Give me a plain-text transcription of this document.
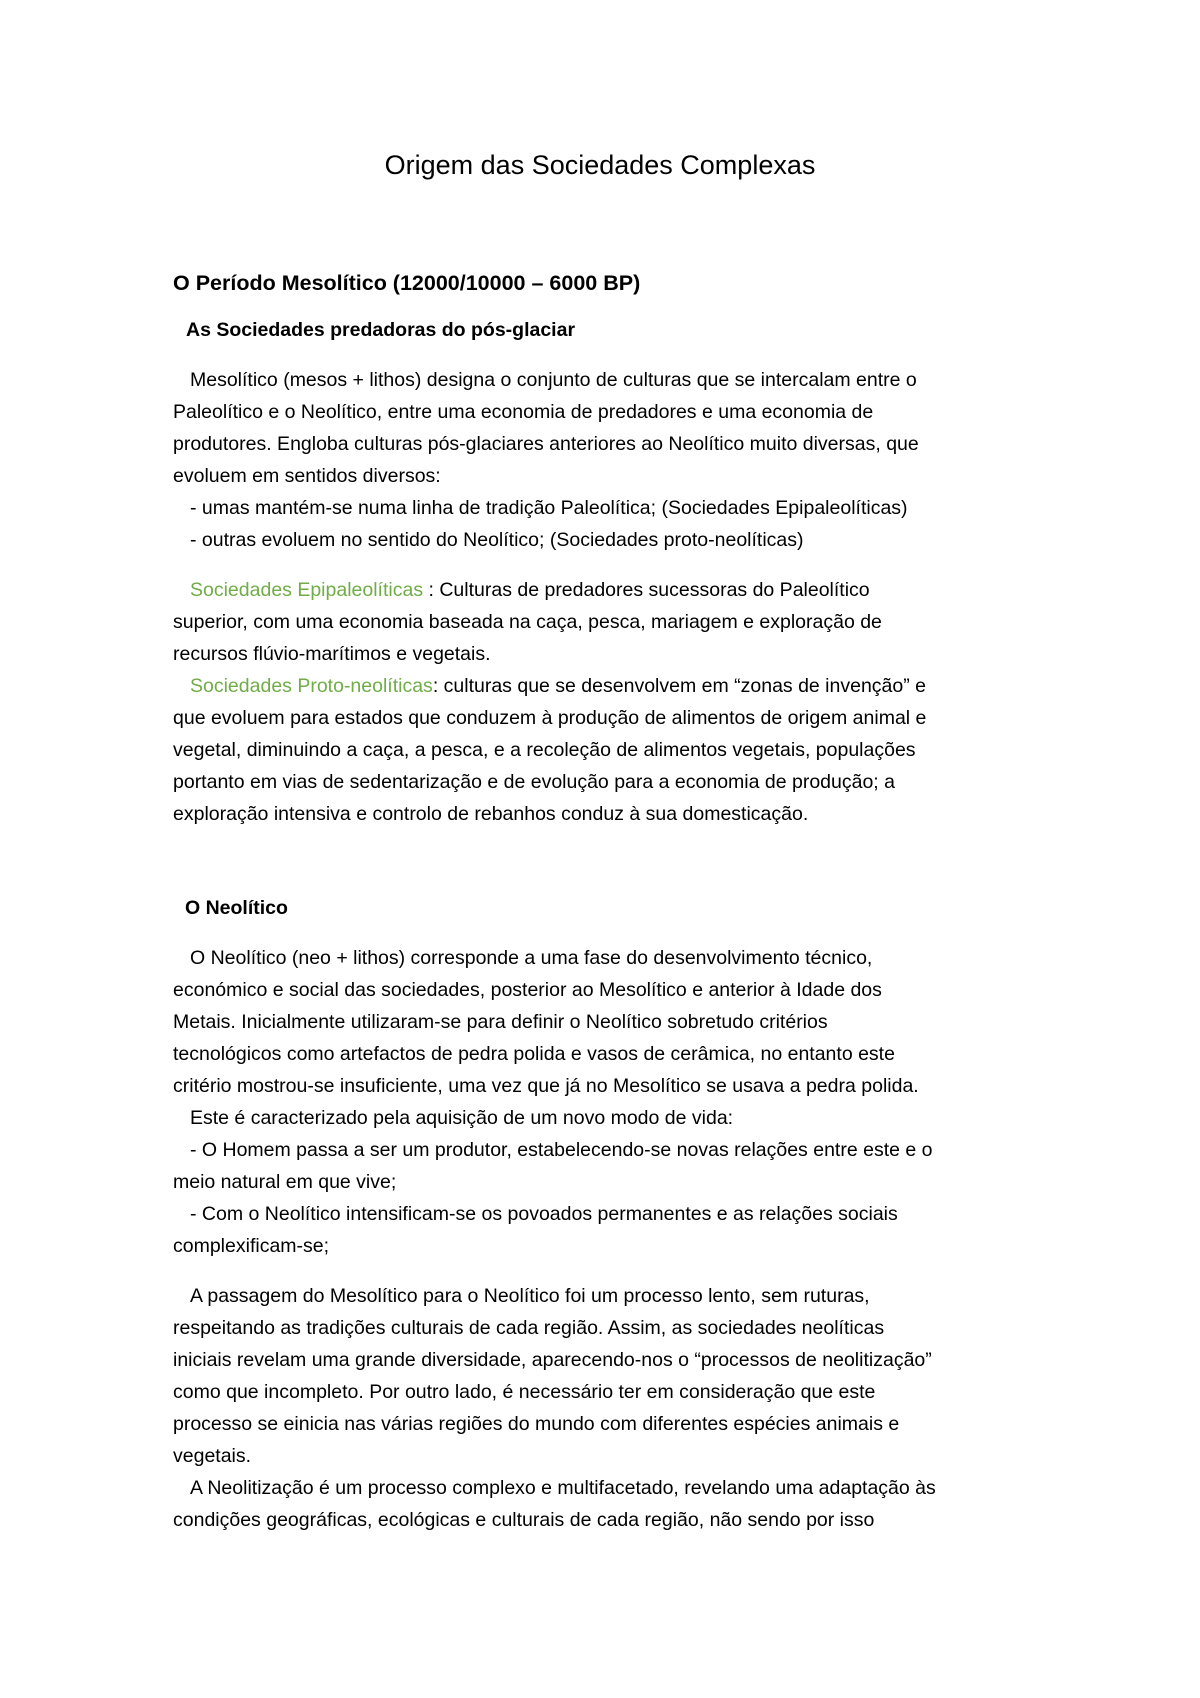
Origem das Sociedades Complexas
O Período Mesolítico (12000/10000 – 6000 BP)
As Sociedades predadoras do pós-glaciar

Mesolítico (mesos + lithos) designa o conjunto de culturas que se intercalam entre o

Paleolítico e o Neolítico, entre uma economia de predadores e uma economia de

produtores. Engloba culturas pós-glaciares anteriores ao Neolítico muito diversas, que

evoluem em sentidos diversos:

- umas mantém-se numa linha de tradição Paleolítica; (Sociedades Epipaleolíticas)

- outras evoluem no sentido do Neolítico; (Sociedades proto-neolíticas)

Sociedades Epipaleolíticas : Culturas de predadores sucessoras do Paleolítico

superior, com uma economia baseada na caça, pesca, mariagem e exploração de

recursos flúvio-marítimos e vegetais.

Sociedades Proto-neolíticas: culturas que se desenvolvem em “zonas de invenção” e

que evoluem para estados que conduzem à produção de alimentos de origem animal e

vegetal, diminuindo a caça, a pesca, e a recoleção de alimentos vegetais, populações

portanto em vias de sedentarização e de evolução para a economia de produção; a

exploração intensiva e controlo de rebanhos conduz à sua domesticação.

O Neolítico

O Neolítico (neo + lithos) corresponde a uma fase do desenvolvimento técnico,

económico e social das sociedades, posterior ao Mesolítico e anterior à Idade dos

Metais. Inicialmente utilizaram-se para definir o Neolítico sobretudo critérios

tecnológicos como artefactos de pedra polida e vasos de cerâmica, no entanto este

critério mostrou-se insuficiente, uma vez que já no Mesolítico se usava a pedra polida.

Este é caracterizado pela aquisição de um novo modo de vida:

- O Homem passa a ser um produtor, estabelecendo-se novas relações entre este e o

meio natural em que vive;

- Com o Neolítico intensificam-se os povoados permanentes e as relações sociais

complexificam-se;

A passagem do Mesolítico para o Neolítico foi um processo lento, sem ruturas,

respeitando as tradições culturais de cada região. Assim, as sociedades neolíticas

iniciais revelam uma grande diversidade, aparecendo-nos o “processos de neolitização”

como que incompleto. Por outro lado, é necessário ter em consideração que este

processo se einicia nas várias regiões do mundo com diferentes espécies animais e

vegetais.

A Neolitização é um processo complexo e multifacetado, revelando uma adaptação às

condições geográficas, ecológicas e culturais de cada região, não sendo por isso
